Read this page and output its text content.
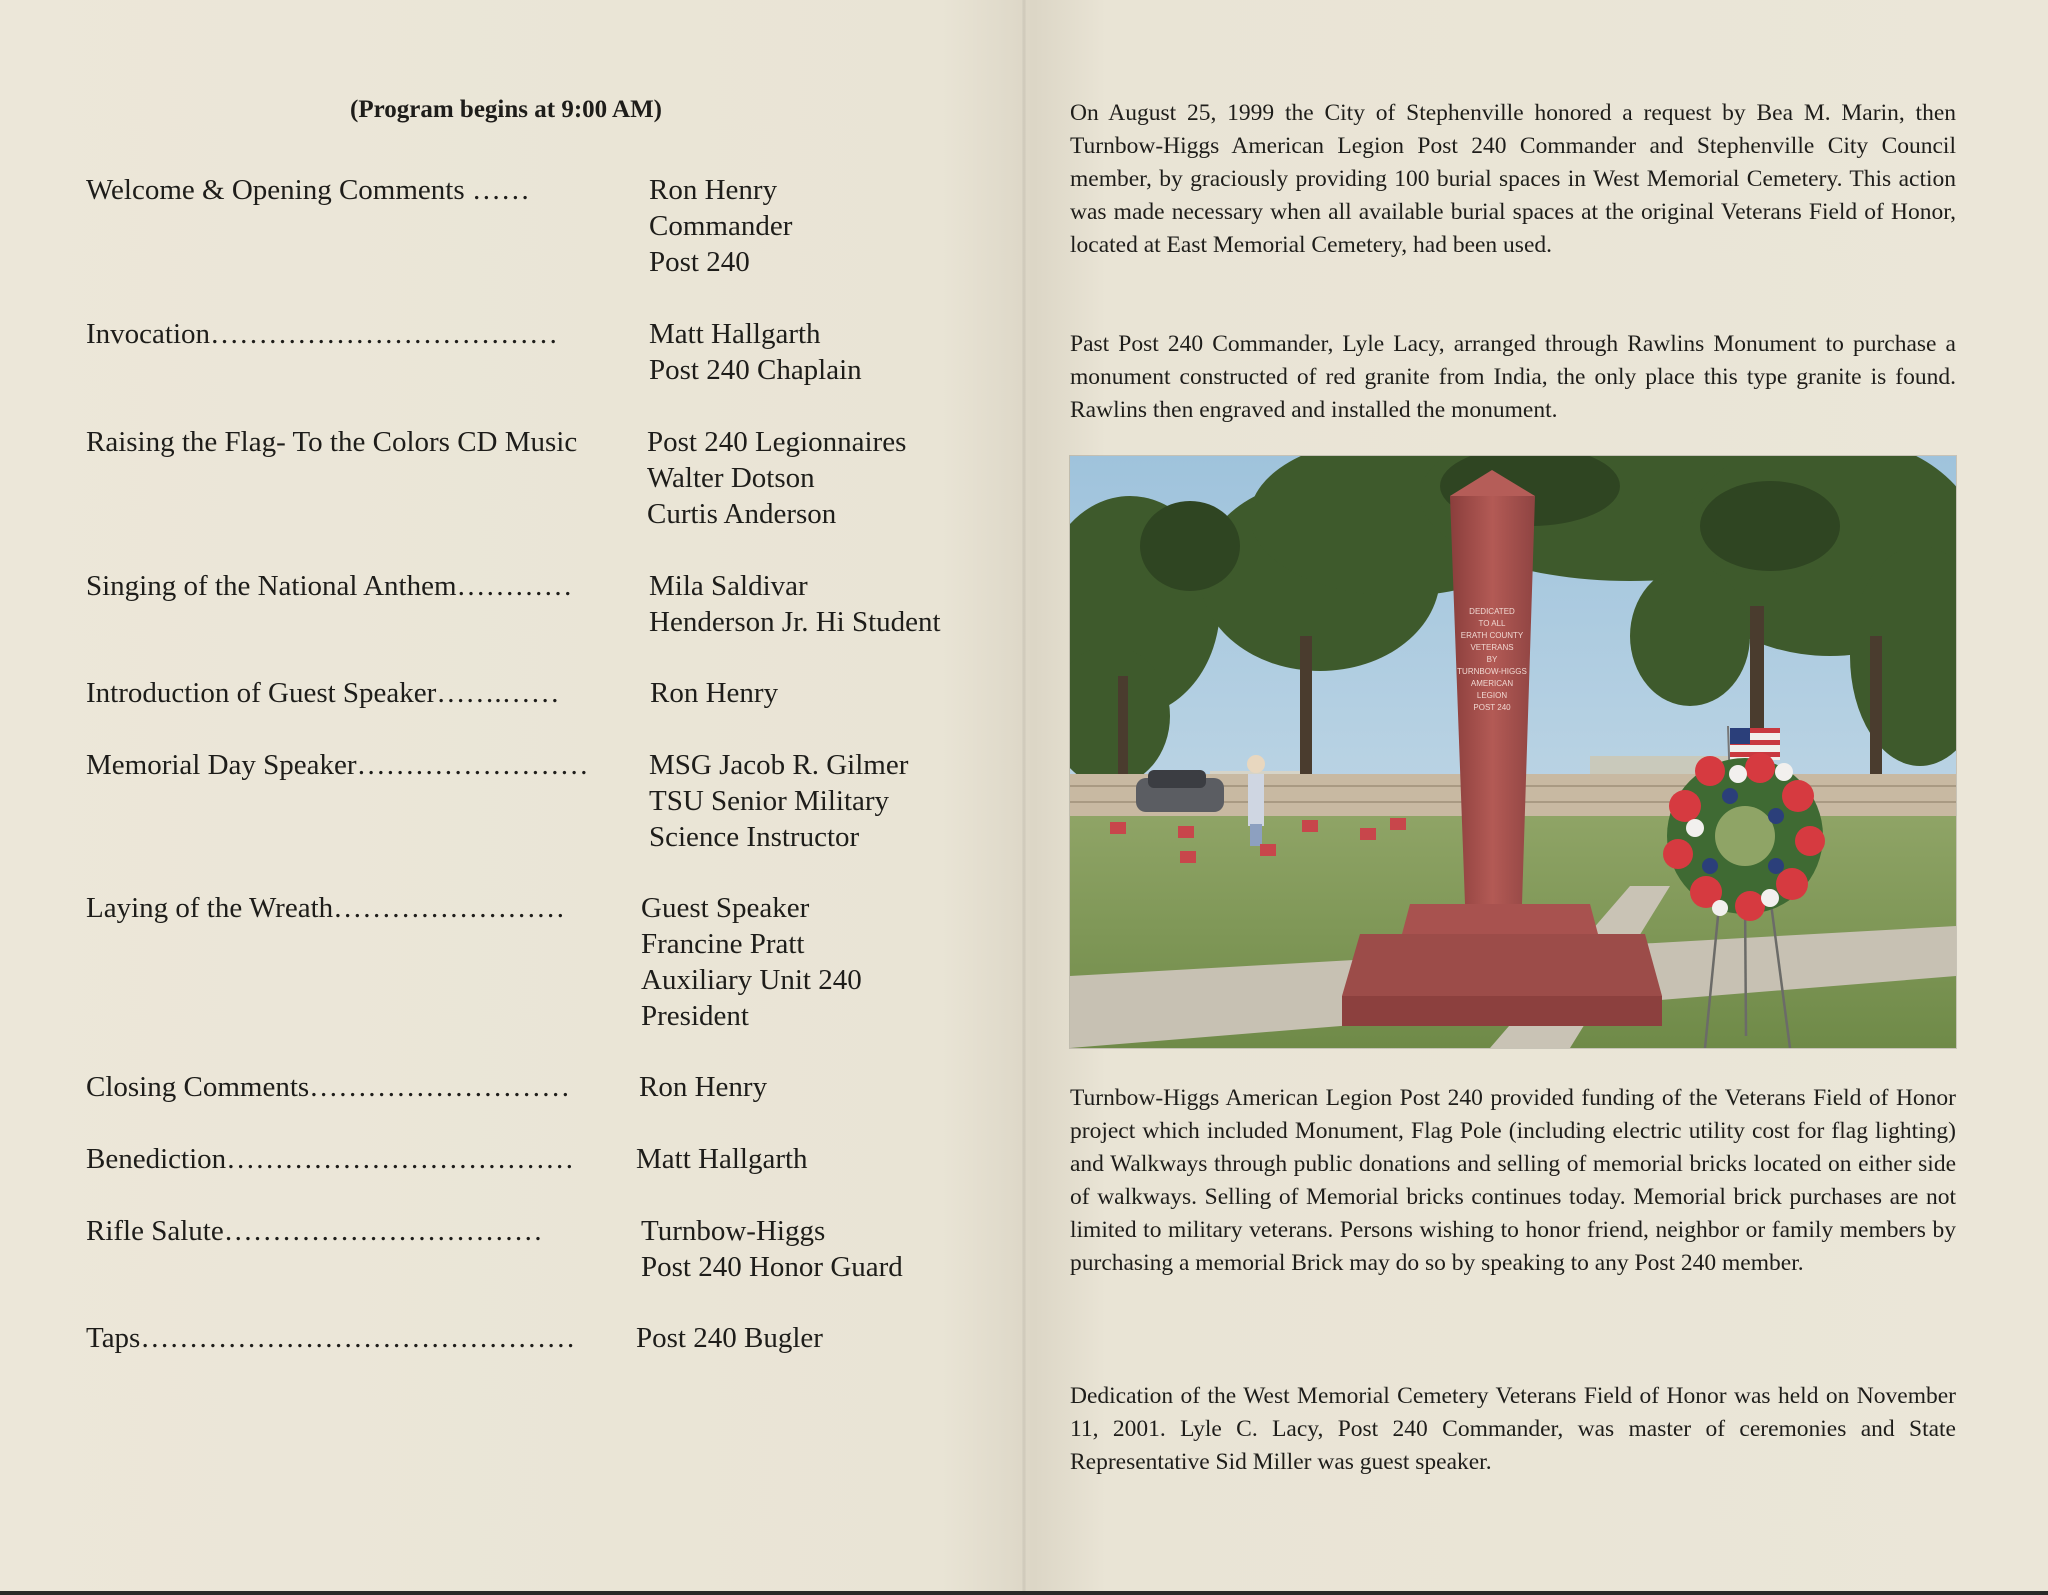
(Program begins at 9:00 AM)
Welcome & Opening Comments ……	Ron Henry
Commander
Post 240
Invocation………………………………	Matt Hallgarth
Post 240 Chaplain
Raising the Flag- To the Colors CD Music Post 240 Legionnaires
Walter Dotson
Curtis Anderson
Singing of the National Anthem…………	Mila Saldivar
Henderson Jr. Hi Student
Introduction of Guest Speaker…….……	Ron Henry
Memorial Day Speaker…………………… MSG Jacob R. Gilmer
TSU Senior Military
Science Instructor
Laying of the Wreath……………………	Guest Speaker
Francine Pratt
Auxiliary Unit 240
President
Closing Comments……………………… Ron Henry
Benediction……………………………… Matt Hallgarth
Rifle Salute……………………………	Turnbow-Higgs
Post 240 Honor Guard
Taps……………………………………… Post 240 Bugler
On August 25, 1999 the City of Stephenville honored a request by Bea M. Marin, then Turnbow-Higgs American Legion Post 240 Commander and Stephenville City Council member, by graciously providing 100 burial spaces in West Memorial Cemetery. This action was made necessary when all available burial spaces at the original Veterans Field of Honor, located at East Memorial Cemetery, had been used.
Past Post 240 Commander, Lyle Lacy, arranged through Rawlins Monument to purchase a monument constructed of red granite from India, the only place this type granite is found. Rawlins then engraved and installed the monument.
DEDICATED
TO ALL
ERATH COUNTY
VETERANS
BY
TURNBOW-HIGGS
AMERICAN
LEGION
POST 240
Turnbow-Higgs American Legion Post 240 provided funding of the Veterans Field of Honor project which included Monument, Flag Pole (including electric utility cost for flag lighting) and Walkways through public donations and selling of memorial bricks located on either side of walkways. Selling of Memorial bricks continues today. Memorial brick purchases are not limited to military veterans. Persons wishing to honor friend, neighbor or family members by purchasing a memorial Brick may do so by speaking to any Post 240 member.
Dedication of the West Memorial Cemetery Veterans Field of Honor was held on November 11, 2001. Lyle C. Lacy, Post 240 Commander, was master of ceremonies and State Representative Sid Miller was guest speaker.
